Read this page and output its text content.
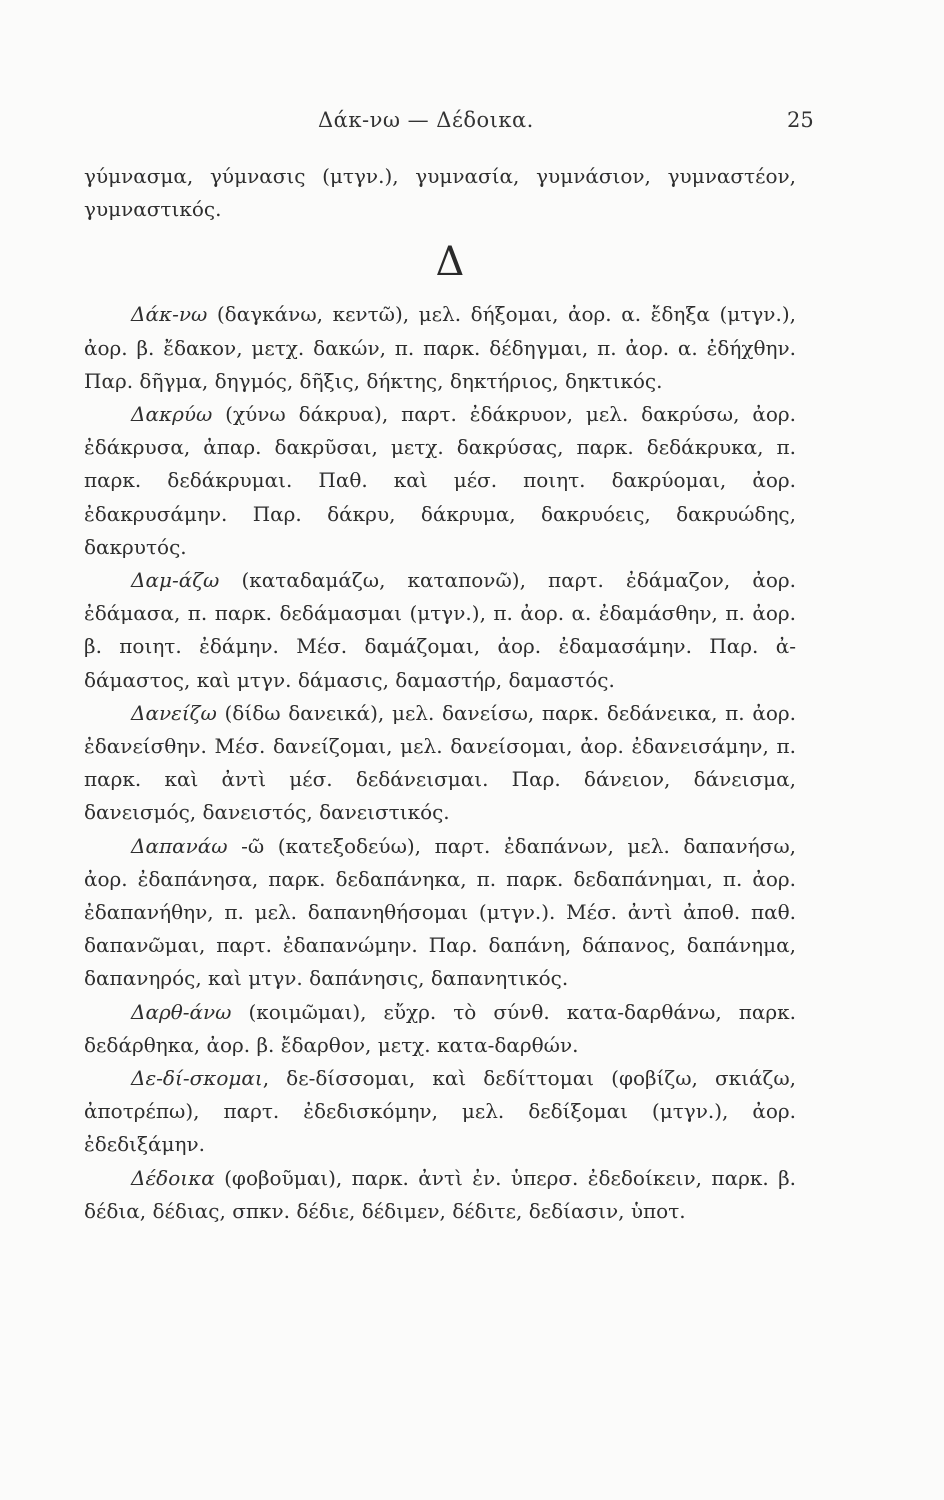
Δάκ-νω — Δέδοικα.	25

γύμνασμα, γύμνασις (μτγν.), γυμνασία, γυμνάσιον, γυμναστέον, γυμναστικός.

Δ

Δάκ-νω (δαγκάνω, κεντῶ), μελ. δήξομαι, ἀορ. α. ἔδηξα (μτγν.), ἀορ. β. ἔδακον, μετχ. δακών, π. παρκ. δέδηγμαι, π. ἀορ. α. ἐδήχθην. Παρ. δῆγμα, δηγμός, δῆξις, δήκτης, δηκτήριος, δηκτικός.

Δακρύω (χύνω δάκρυα), παρτ. ἐδάκρυον, μελ. δακρύσω, ἀορ. ἐδάκρυσα, ἀπαρ. δακρῦσαι, μετχ. δακρύσας, παρκ. δεδάκρυκα, π. παρκ. δεδάκρυμαι. Παθ. καὶ μέσ. ποιητ. δακρύομαι, ἀορ. ἐδακρυσάμην. Παρ. δάκρυ, δάκρυμα, δακρυόεις, δακρυώδης, δακρυτός.

Δαμ-άζω (καταδαμάζω, καταπονῶ), παρτ. ἐδάμαζον, ἀορ. ἐδάμασα, π. παρκ. δεδάμασμαι (μτγν.), π. ἀορ. α. ἐδαμάσθην, π. ἀορ. β. ποιητ. ἐδάμην. Μέσ. δαμάζομαι, ἀορ. ἐδαμασάμην. Παρ. ἀ-δάμαστος, καὶ μτγν. δάμασις, δαμαστήρ, δαμαστός.

Δανείζω (δίδω δανεικά), μελ. δανείσω, παρκ. δεδάνεικα, π. ἀορ. ἐδανείσθην. Μέσ. δανείζομαι, μελ. δανείσομαι, ἀορ. ἐδανεισάμην, π. παρκ. καὶ ἀντὶ μέσ. δεδάνεισμαι. Παρ. δάνειον, δάνεισμα, δανεισμός, δανειστός, δανειστικός.

Δαπανάω -ῶ (κατεξοδεύω), παρτ. ἐδαπάνων, μελ. δαπανήσω, ἀορ. ἐδαπάνησα, παρκ. δεδαπάνηκα, π. παρκ. δεδαπάνημαι, π. ἀορ. ἐδαπανήθην, π. μελ. δαπανηθήσομαι (μτγν.). Μέσ. ἀντὶ ἀποθ. παθ. δαπανῶμαι, παρτ. ἐδαπανώμην. Παρ. δαπάνη, δάπανος, δαπάνημα, δαπανηρός, καὶ μτγν. δαπάνησις, δαπανητικός.

Δαρθ-άνω (κοιμῶμαι), εὔχρ. τὸ σύνθ. κατα-δαρθάνω, παρκ. δεδάρθηκα, ἀορ. β. ἔδαρθον, μετχ. κατα-δαρθών.

Δε-δί-σκομαι, δε-δίσσομαι, καὶ δεδίττομαι (φοβίζω, σκιάζω, ἀποτρέπω), παρτ. ἐδεδισκόμην, μελ. δεδίξομαι (μτγν.), ἀορ. ἐδεδιξάμην.

Δέδοικα (φοβοῦμαι), παρκ. ἀντὶ ἐν. ὑπερσ. ἐδεδοίκειν, παρκ. β. δέδια, δέδιας, σπκν. δέδιε, δέδιμεν, δέδιτε, δεδίασιν, ὑποτ.
